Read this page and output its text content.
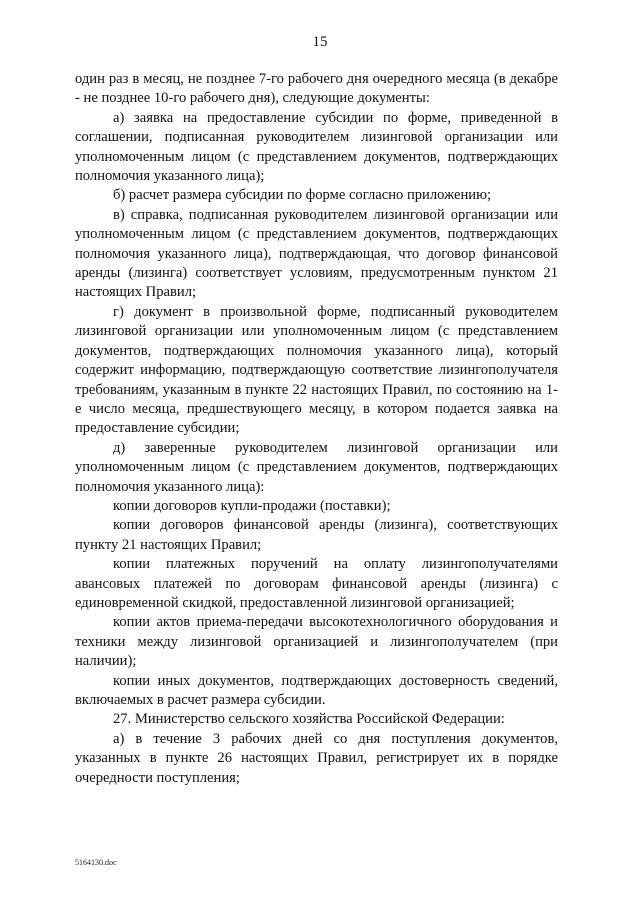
15

один раз в месяц, не позднее 7-го рабочего дня очередного месяца (в декабре - не позднее 10-го рабочего дня), следующие документы:

а) заявка на предоставление субсидии по форме, приведенной в соглашении, подписанная руководителем лизинговой организации или уполномоченным лицом (с представлением документов, подтверждающих полномочия указанного лица);

б) расчет размера субсидии по форме согласно приложению;

в) справка, подписанная руководителем лизинговой организации или уполномоченным лицом (с представлением документов, подтверждающих полномочия указанного лица), подтверждающая, что договор финансовой аренды (лизинга) соответствует условиям, предусмотренным пунктом 21 настоящих Правил;

г) документ в произвольной форме, подписанный руководителем лизинговой организации или уполномоченным лицом (с представлением документов, подтверждающих полномочия указанного лица), который содержит информацию, подтверждающую соответствие лизингополучателя требованиям, указанным в пункте 22 настоящих Правил, по состоянию на 1-е число месяца, предшествующего месяцу, в котором подается заявка на предоставление субсидии;

д) заверенные руководителем лизинговой организации или уполномоченным лицом (с представлением документов, подтверждающих полномочия указанного лица):

копии договоров купли-продажи (поставки);

копии договоров финансовой аренды (лизинга), соответствующих пункту 21 настоящих Правил;

копии платежных поручений на оплату лизингополучателями авансовых платежей по договорам финансовой аренды (лизинга) с единовременной скидкой, предоставленной лизинговой организацией;

копии актов приема-передачи высокотехнологичного оборудования и техники между лизинговой организацией и лизингополучателем (при наличии);

копии иных документов, подтверждающих достоверность сведений, включаемых в расчет размера субсидии.

27. Министерство сельского хозяйства Российской Федерации:

а) в течение 3 рабочих дней со дня поступления документов, указанных в пункте 26 настоящих Правил, регистрирует их в порядке очередности поступления;

5164130.doc
